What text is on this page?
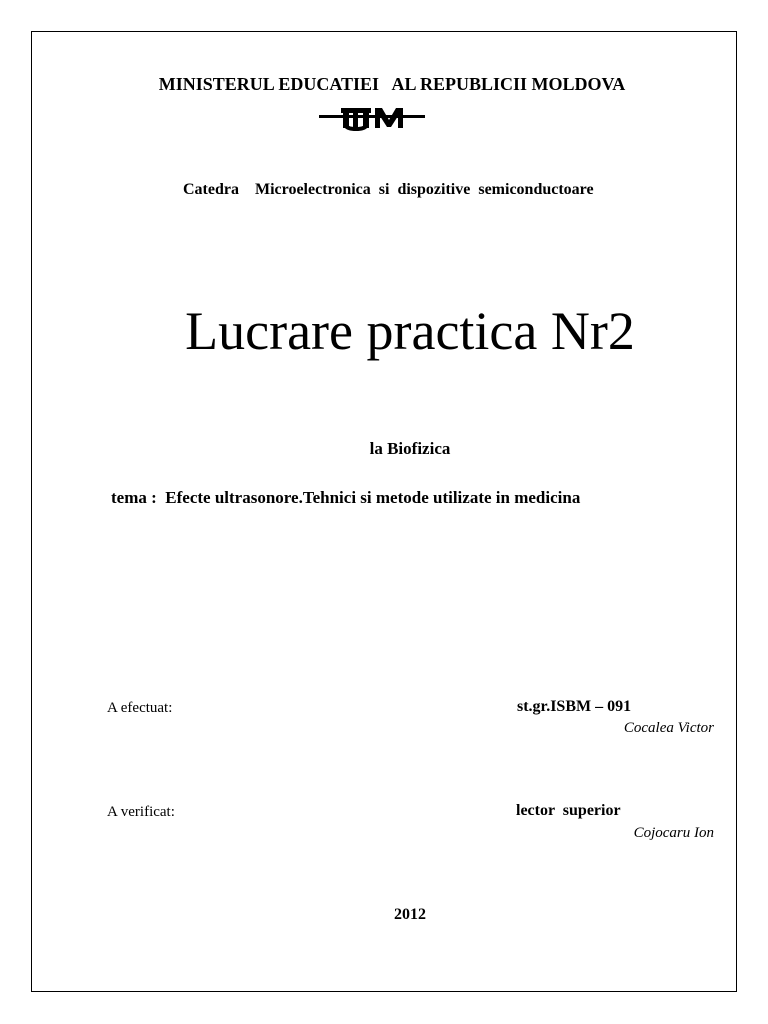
MINISTERUL EDUCATIEI   AL REPUBLICII MOLDOVA
Catedra    Microelectronica  si  dispozitive  semiconductoare
Lucrare practica Nr2
la Biofizica
tema :  Efecte ultrasonore.Tehnici si metode utilizate in medicina
A efectuat:	st.gr.ISBM – 091
Cocalea Victor
A verificat:	lector  superior
Cojocaru Ion
2012
